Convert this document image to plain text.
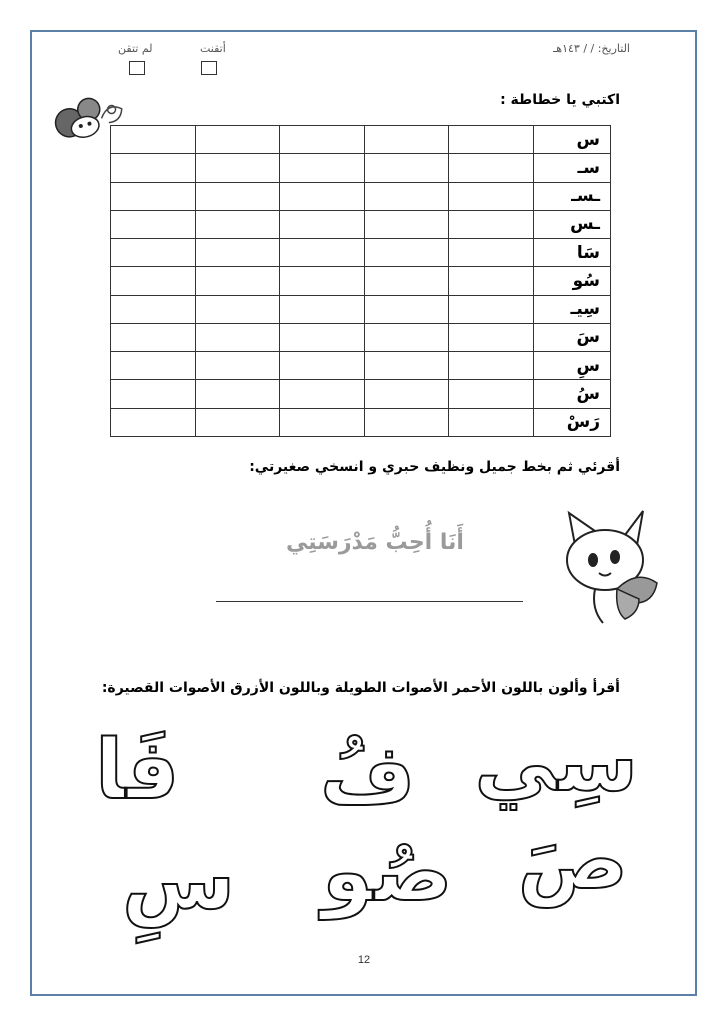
لم تتقن	أتقنت	التاريخ: / / ١٤٣هـ
اكتبي يا خطاطة :
س					
سـ					
ـسـ					
ـس					
سَا					
سُو					
سِيـ					
سَ					
سِ					
سُ					
رَسْ					
أقرئي ثم بخط جميل ونظيف حبري و انسخي صغيرتي:
أَنَا أُحِبُّ مَدْرَسَتِي
أقرأ وألون باللون الأحمر الأصوات الطويلة وباللون الأزرق الأصوات القصيرة:
سِي
فُ
فَا
صَ
صُو
سِ
12
